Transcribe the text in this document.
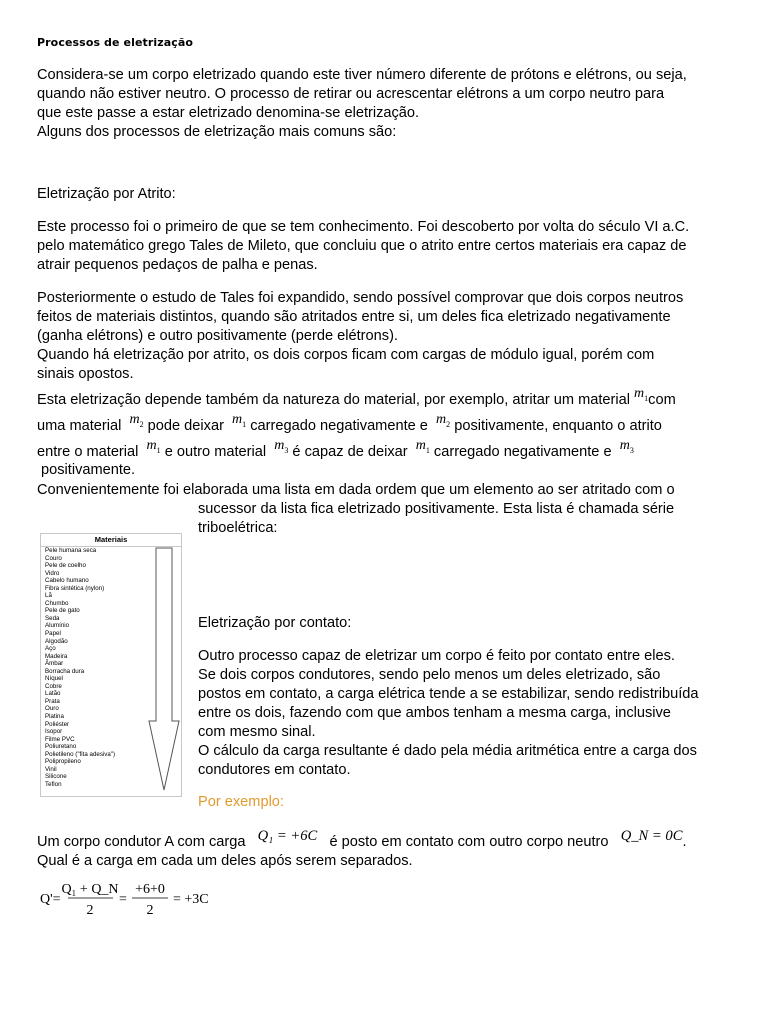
Processos de eletrização
Considera-se um corpo eletrizado quando este tiver número diferente de prótons e elétrons, ou seja,
quando não estiver neutro. O processo de retirar ou acrescentar elétrons a um corpo neutro para
que este passe a estar eletrizado denomina-se eletrização.
Alguns dos processos de eletrização mais comuns são:
Eletrização por Atrito:
Este processo foi o primeiro de que se tem conhecimento. Foi descoberto por volta do século VI a.C.
pelo matemático grego Tales de Mileto, que concluiu que o atrito entre certos materiais era capaz de
atrair pequenos pedaços de palha e penas.
Posteriormente o estudo de Tales foi expandido, sendo possível comprovar que dois corpos neutros
feitos de materiais distintos, quando são atritados entre si, um deles fica eletrizado negativamente
(ganha elétrons) e outro positivamente (perde elétrons).
Quando há eletrização por atrito, os dois corpos ficam com cargas de módulo igual, porém com
sinais opostos.
Esta eletrização depende também da natureza do material, por exemplo, atritar um material $m_1com$
uma material $m_2$ pode deixar $m_1$ carregado negativamente e $m_2$ positivamente, enquanto o atrito
entre o material $m_1$ e outro material $m_3$ é capaz de deixar $m_1$ carregado negativamente e $m_3$
positivamente.
Convenientemente foi elaborada uma lista em dada ordem que um elemento ao ser atritado com o
sucessor da lista fica eletrizado positivamente. Esta lista é chamada série
triboelétrica:
Materiais
Pele humana seca
Couro
Pele de coelho
Vidro
Cabelo humano
Fibra sintética (nylon)
Lã
Chumbo
Pele de gato
Seda
Alumínio
Papel
Algodão
Aço
Madeira
Âmbar
Borracha dura
Níquel
Cobre
Latão
Prata
Ouro
Platina
Poliéster
Isopor
Filme PVC
Poliuretano
Polietileno ("fita adesiva")
Polipropileno
Vinil
Silicone
Teflon
Eletrização por contato:
Outro processo capaz de eletrizar um corpo é feito por contato entre eles.
Se dois corpos condutores, sendo pelo menos um deles eletrizado, são
postos em contato, a carga elétrica tende a se estabilizar, sendo redistribuída
entre os dois, fazendo com que ambos tenham a mesma carga, inclusive
com mesmo sinal.
O cálculo da carga resultante é dado pela média aritmética entre a carga dos
condutores em contato.
Por exemplo:
Um corpo condutor A com carga Q₁ = +6C é posto em contato com outro corpo neutro Q_N = 0C.
Qual é a carga em cada um deles após serem separados.
Q'=
Q₁ + Q_N
2
=
+6+0
2
= +3C
